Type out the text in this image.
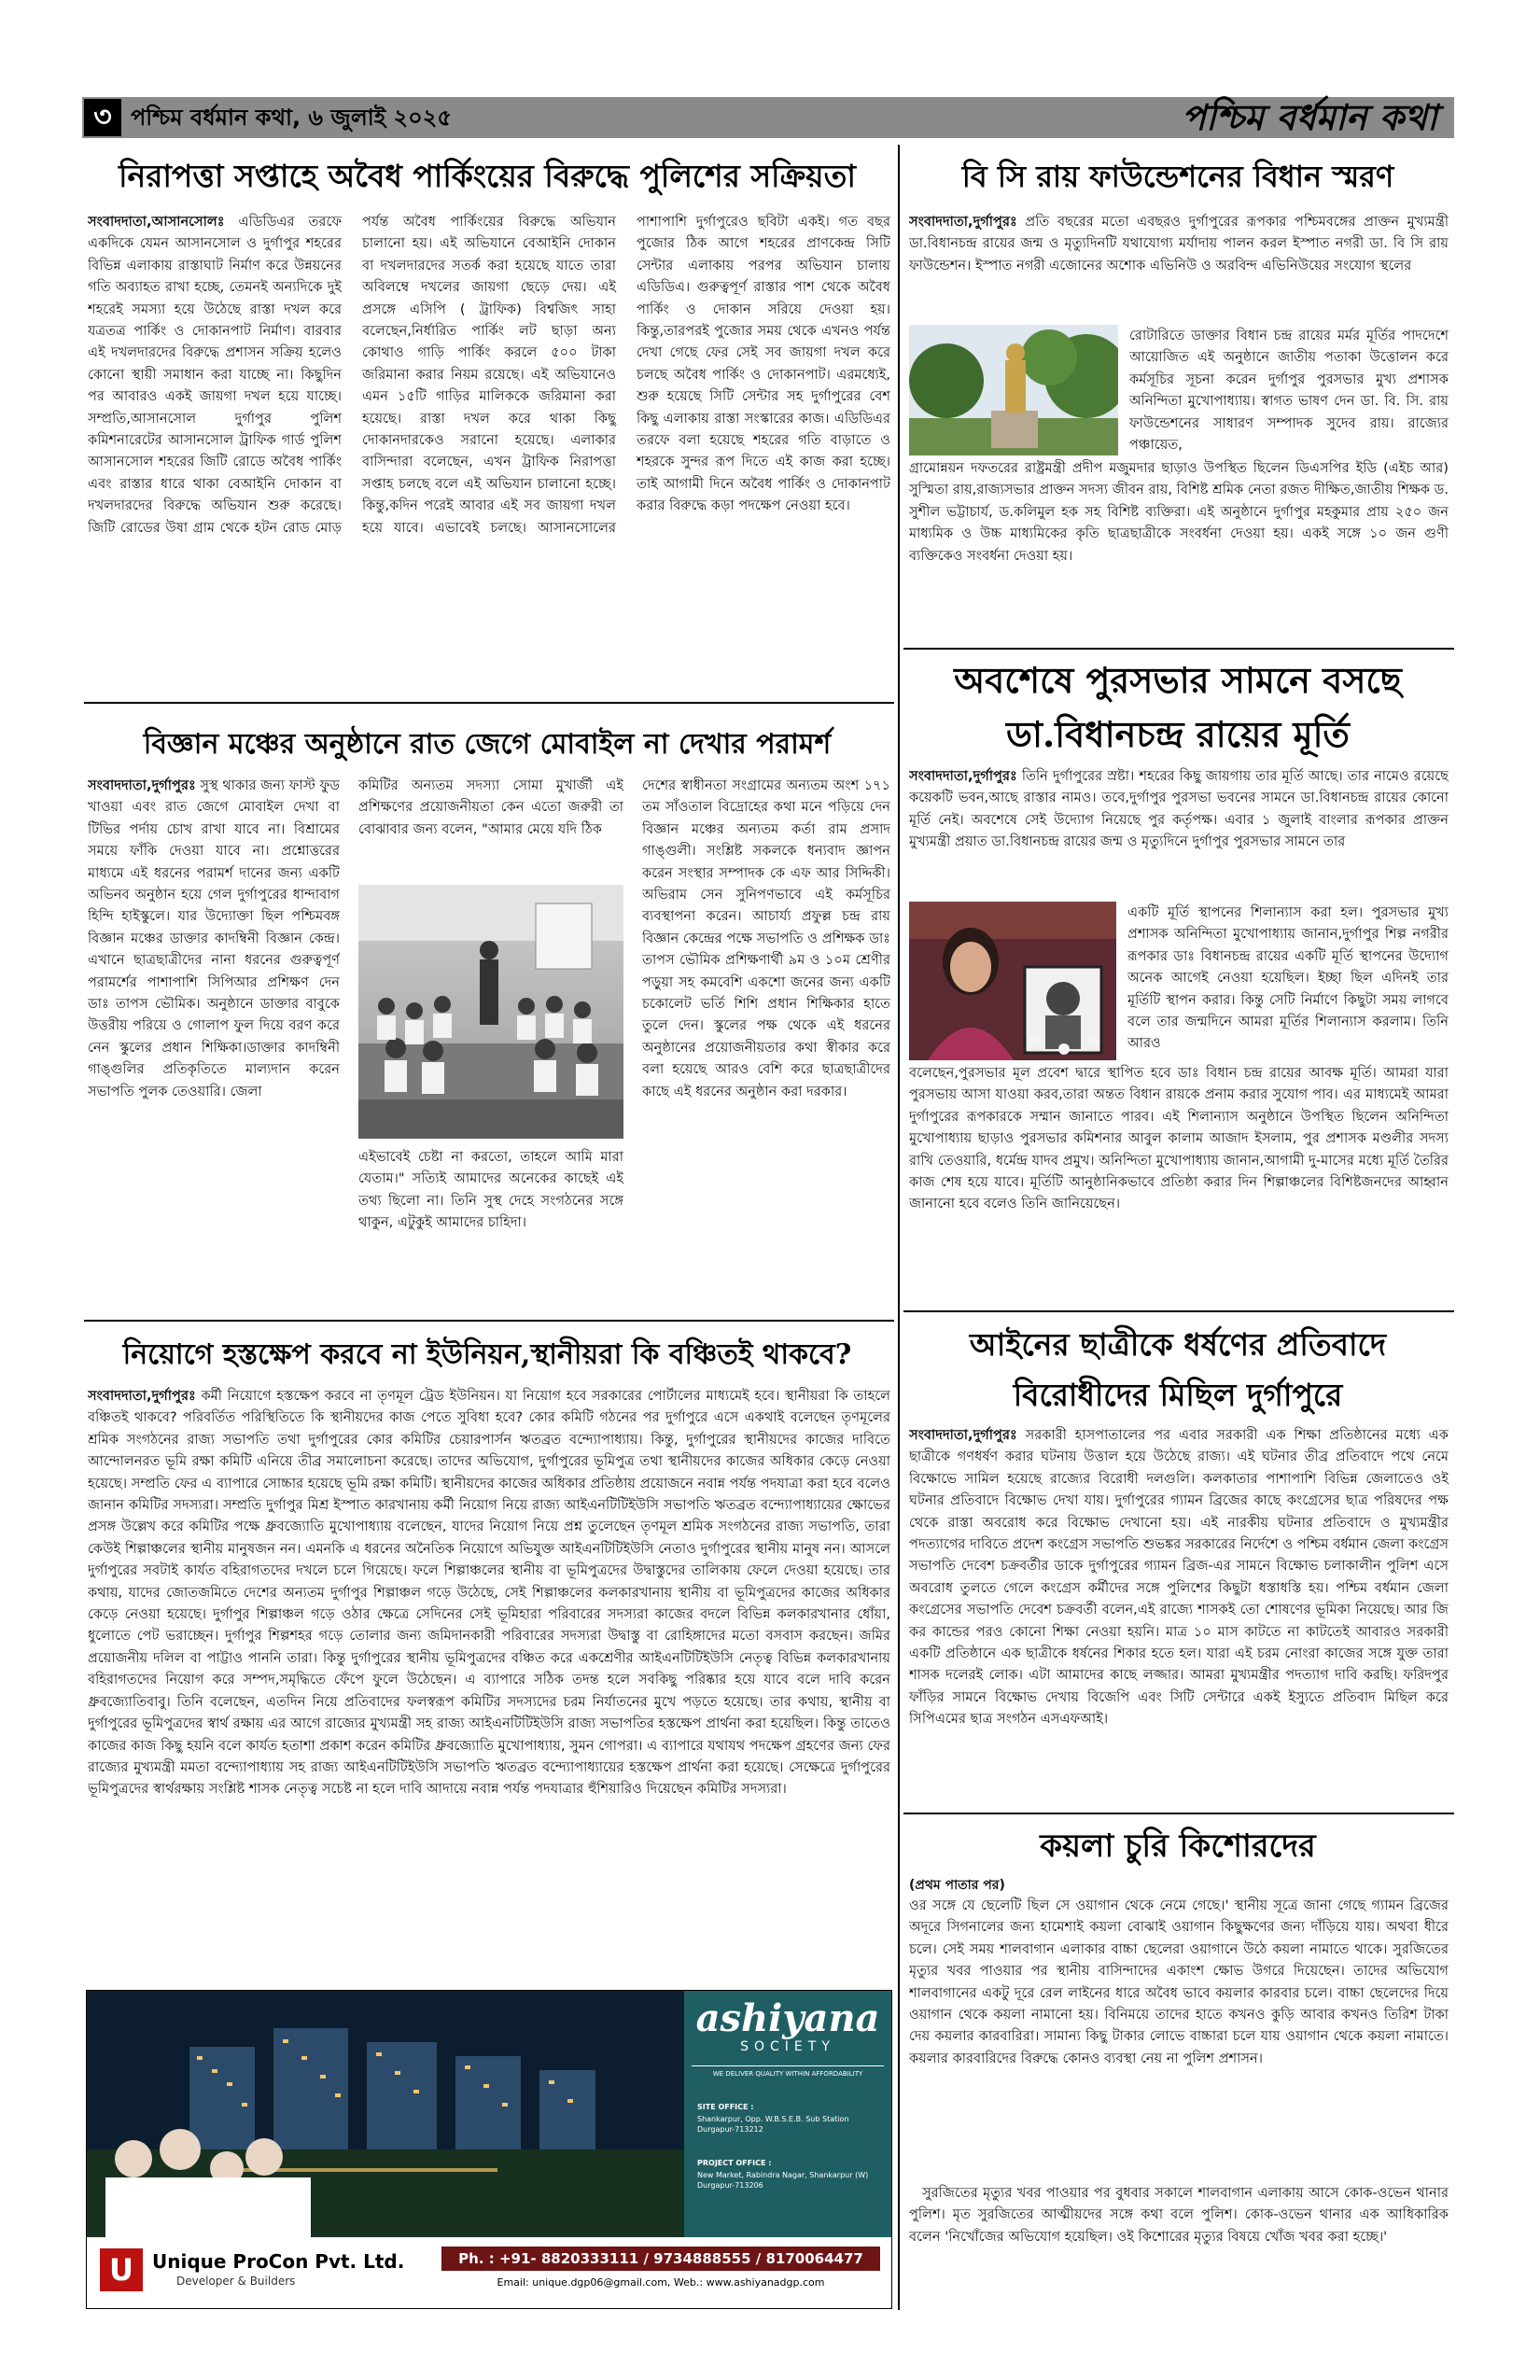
৩ পশ্চিম বর্ধমান কথা, ৬ জুলাই ২০২৫	পশ্চিম বর্ধমান কথা
নিরাপত্তা সপ্তাহে অবৈধ পার্কিংয়ের বিরুদ্ধে পুলিশের সক্রিয়তা

সংবাদদাতা,আসানসোলঃ এডিডিএর তরফে একদিকে যেমন আসানসোল ও দুর্গাপুর শহরের বিভিন্ন এলাকায় রাস্তাঘাট নির্মাণ করে উন্নয়নের গতি অব্যাহত রাখা হচ্ছে, তেমনই অন্যদিকে দুই শহরেই সমস্যা হয়ে উঠেছে রাস্তা দখল করে যত্রতত্র পার্কিং ও দোকানপাট নির্মাণ। বারবার এই দখলদারদের বিরুদ্ধে প্রশাসন সক্রিয় হলেও কোনো স্থায়ী সমাধান করা যাচ্ছে না। কিছুদিন পর আবারও একই জায়গা দখল হয়ে যাচ্ছে। সম্প্রতি,আসানসোল দুর্গাপুর পুলিশ কমিশনারেটের আসানসোল ট্রাফিক গার্ড পুলিশ আসানসোল শহরের জিটি রোডে অবৈধ পার্কিং এবং রাস্তার ধারে থাকা বেআইনি দোকান বা দখলদারদের বিরুদ্ধে অভিযান শুরু করেছে। জিটি রোডের উষা গ্রাম থেকে হটন রোড মোড় পর্যন্ত অবৈধ পার্কিংয়ের বিরুদ্ধে অভিযান চালানো হয়। এই অভিযানে বেআইনি দোকান বা দখলদারদের সতর্ক করা হয়েছে যাতে তারা অবিলম্বে দখলের জায়গা ছেড়ে দেয়। এই প্রসঙ্গে এসিপি ( ট্রাফিক) বিশ্বজিৎ সাহা বলেছেন,নির্ধারিত পার্কিং লট ছাড়া অন্য কোথাও গাড়ি পার্কিং করলে ৫০০ টাকা জরিমানা করার নিয়ম রয়েছে। এই অভিযানেও এমন ১৫টি গাড়ির মালিককে জরিমানা করা হয়েছে। রাস্তা দখল করে থাকা কিছু দোকানদারকেও সরানো হয়েছে। এলাকার বাসিন্দারা বলেছেন, এখন ট্রাফিক নিরাপত্তা সপ্তাহ চলছে বলে এই অভিযান চালানো হচ্ছে। কিন্তু,কদিন পরেই আবার এই সব জায়গা দখল হয়ে যাবে। এভাবেই চলছে। আসানসোলের পাশাপাশি দুর্গাপুরেও ছবিটা একই। গত বছর পুজোর ঠিক আগে শহরের প্রাণকেন্দ্র সিটি সেন্টার এলাকায় পরপর অভিযান চালায় এডিডিএ। গুরুত্বপূর্ণ রাস্তার পাশ থেকে অবৈধ পার্কিং ও দোকান সরিয়ে দেওয়া হয়। কিন্তু,তারপরই পুজোর সময় থেকে এখনও পর্যন্ত দেখা গেছে ফের সেই সব জায়গা দখল করে চলছে অবৈধ পার্কিং ও দোকানপাট। এরমধ্যেই, শুরু হয়েছে সিটি সেন্টার সহ দুর্গাপুরের বেশ কিছু এলাকায় রাস্তা সংস্কারের কাজ। এডিডিএর তরফে বলা হয়েছে শহরের গতি বাড়াতে ও শহরকে সুন্দর রূপ দিতে এই কাজ করা হচ্ছে। তাই আগামী দিনে অবৈধ পার্কিং ও দোকানপাট করার বিরুদ্ধে কড়া পদক্ষেপ নেওয়া হবে।

বিজ্ঞান মঞ্চের অনুষ্ঠানে রাত জেগে মোবাইল না দেখার পরামর্শ

সংবাদদাতা,দুর্গাপুরঃ সুস্থ থাকার জন্য ফাস্ট ফুড খাওয়া এবং রাত জেগে মোবাইল দেখা বা টিভির পর্দায় চোখ রাখা যাবে না। বিশ্রামের সময়ে ফাঁকি দেওয়া যাবে না। প্রশ্নোত্তরের মাধ্যমে এই ধরনের পরামর্শ দানের জন্য একটি অভিনব অনুষ্ঠান হয়ে গেল দুর্গাপুরের ধান্দাবাগ হিন্দি হাইস্কুলে। যার উদ্যোক্তা ছিল পশ্চিমবঙ্গ বিজ্ঞান মঞ্চের ডাক্তার কাদম্বিনী বিজ্ঞান কেন্দ্র। এখানে ছাত্রছাত্রীদের নানা ধরনের গুরুত্বপূর্ণ পরামর্শের পাশাপাশি সিপিআর প্রশিক্ষণ দেন ডাঃ তাপস ভৌমিক। অনুষ্ঠানে ডাক্তার বাবুকে উত্তরীয় পরিয়ে ও গোলাপ ফুল দিয়ে বরণ করে নেন স্কুলের প্রধান শিক্ষিকা।ডাক্তার কাদম্বিনী গাঙ্গুলির প্রতিকৃতিতে মাল্যদান করেন সভাপতি পুলক তেওয়ারি। জেলা

কমিটির অন্যতম সদস্যা সোমা মুখার্জী এই প্রশিক্ষণের প্রয়োজনীয়তা কেন এতো জরুরী তা বোঝাবার জন্য বলেন, "আমার মেয়ে যদি ঠিক
এইভাবেই চেষ্টা না করতো, তাহলে আমি মারা যেতাম।" সত্যিই আমাদের অনেকের কাছেই এই তথ্য ছিলো না। তিনি সুস্থ দেহে সংগঠনের সঙ্গে থাকুন, এটুকুই আমাদের চাহিদা।
দেশের স্বাধীনতা সংগ্রামের অন্যতম অংশ ১৭১ তম সাঁওতাল বিদ্রোহের কথা মনে পড়িয়ে দেন বিজ্ঞান মঞ্চের অন্যতম কর্তা রাম প্রসাদ গাঙ্গুলী। সংশ্লিষ্ট সকলকে ধন্যবাদ জ্ঞাপন করেন সংস্থার সম্পাদক কে এফ আর সিদ্দিকী। অভিরাম সেন সুনিপণভাবে এই কর্মসূচির ব্যবস্থাপনা করেন। আচার্য্য প্রফুল্ল চন্দ্র রায় বিজ্ঞান কেন্দ্রের পক্ষে সভাপতি ও প্রশিক্ষক ডাঃ তাপস ভৌমিক প্রশিক্ষণার্থী ৯ম ও ১০ম শ্রেণীর পড়ুয়া সহ কমবেশি একশো জনের জন্য একটি চকোলেট ভর্তি শিশি প্রধান শিক্ষিকার হাতে তুলে দেন। স্কুলের পক্ষ থেকে এই ধরনের অনুষ্ঠানের প্রয়োজনীয়তার কথা স্বীকার করে বলা হয়েছে আরও বেশি করে ছাত্রছাত্রীদের কাছে এই ধরনের অনুষ্ঠান করা দরকার।
নিয়োগে হস্তক্ষেপ করবে না ইউনিয়ন,স্থানীয়রা কি বঞ্চিতই থাকবে?

সংবাদদাতা,দুর্গাপুরঃ কর্মী নিয়োগে হস্তক্ষেপ করবে না তৃণমূল ট্রেড ইউনিয়ন। যা নিয়োগ হবে সরকারের পোর্টালের মাধ্যমেই হবে। স্থানীয়রা কি তাহলে বঞ্চিতই থাকবে? পরিবর্তিত পরিস্থিতিতে কি স্থানীয়দের কাজ পেতে সুবিধা হবে? কোর কমিটি গঠনের পর দুর্গাপুরে এসে একথাই বলেছেন তৃণমূলের শ্রমিক সংগঠনের রাজ্য সভাপতি তথা দুর্গাপুরের কোর কমিটির চেয়ারপার্সন ঋতব্রত বন্দ্যোপাধ্যায়। কিন্তু, দুর্গাপুরের স্থানীয়দের কাজের দাবিতে আন্দোলনরত ভূমি রক্ষা কমিটি এনিয়ে তীব্র সমালোচনা করেছে। তাদের অভিযোগ, দুর্গাপুরের ভূমিপুত্র তথা স্থানীয়দের কাজের অধিকার কেড়ে নেওয়া হয়েছে। সম্প্রতি ফের এ ব্যাপারে সোচ্চার হয়েছে ভূমি রক্ষা কমিটি। স্থানীয়দের কাজের অধিকার প্রতিষ্ঠায় প্রয়োজনে নবান্ন পর্যন্ত পদযাত্রা করা হবে বলেও জানান কমিটির সদস্যরা। সম্প্রতি দুর্গাপুর মিশ্র ইস্পাত কারখানায় কর্মী নিয়োগ নিয়ে রাজ্য আইএনটিটিইউসি সভাপতি ঋতব্রত বন্দ্যোপাধ্যায়ের ক্ষোভের প্রসঙ্গ উল্লেখ করে কমিটির পক্ষে ধ্রুবজ্যোতি মুখোপাধ্যায় বলেছেন, যাদের নিয়োগ নিয়ে প্রশ্ন তুলেছেন তৃণমূল শ্রমিক সংগঠনের রাজ্য সভাপতি, তারা কেউই শিল্পাঞ্চলের স্থানীয় মানুষজন নন। এমনকি এ ধরনের অনৈতিক নিয়োগে অভিযুক্ত আইএনটিটিইউসি নেতাও দুর্গাপুরের স্থানীয় মানুষ নন। আসলে দুর্গাপুরের সবটাই কার্যত বহিরাগতদের দখলে চলে গিয়েছে। ফলে শিল্পাঞ্চলের স্থানীয় বা ভূমিপুত্রদের উদ্বাস্তুদের তালিকায় ফেলে দেওয়া হয়েছে। তার কথায়, যাদের জোতজমিতে দেশের অন্যতম দুর্গাপুর শিল্পাঞ্চল গড়ে উঠেছে, সেই শিল্পাঞ্চলের কলকারখানায় স্থানীয় বা ভূমিপুত্রদের কাজের অধিকার কেড়ে নেওয়া হয়েছে। দুর্গাপুর শিল্পাঞ্চল গড়ে ওঠার ক্ষেত্রে সেদিনের সেই ভূমিহারা পরিবারের সদস্যরা কাজের বদলে বিভিন্ন কলকারখানার ধোঁয়া, ধুলোতে পেট ভরাচ্ছেন। দুর্গাপুর শিল্পশহর গড়ে তোলার জন্য জমিদানকারী পরিবারের সদস্যরা উদ্বাস্তু বা রোহিঙ্গাদের মতো বসবাস করছেন। জমির প্রয়োজনীয় দলিল বা পাট্টাও পাননি তারা। কিন্তু দুর্গাপুরের স্থানীয় ভূমিপুত্রদের বঞ্চিত করে একশ্রেণীর আইএনটিটিইউসি নেতৃত্ব বিভিন্ন কলকারখানায় বহিরাগতদের নিয়োগ করে সম্পদ,সমৃদ্ধিতে ফেঁপে ফুলে উঠেছেন। এ ব্যাপারে সঠিক তদন্ত হলে সবকিছু পরিষ্কার হয়ে যাবে বলে দাবি করেন ধ্রুবজ্যোতিবাবু। তিনি বলেছেন, এতদিন নিয়ে প্রতিবাদের ফলস্বরূপ কমিটির সদস্যদের চরম নির্যাতনের মুখে পড়তে হয়েছে। তার কথায়, স্থানীয় বা দুর্গাপুরের ভূমিপুত্রদের স্বার্থ রক্ষায় এর আগে রাজ্যের মুখ্যমন্ত্রী সহ রাজ্য আইএনটিটিইউসি রাজ্য সভাপতির হস্তক্ষেপ প্রার্থনা করা হয়েছিল। কিন্তু তাতেও কাজের কাজ কিছু হয়নি বলে কার্যত হতাশা প্রকাশ করেন কমিটির ধ্রুবজ্যোতি মুখোপাধ্যায়, সুমন গোপরা। এ ব্যাপারে যথাযথ পদক্ষেপ গ্রহণের জন্য ফের রাজ্যের মুখ্যমন্ত্রী মমতা বন্দ্যোপাধ্যায় সহ রাজ্য আইএনটিটিইউসি সভাপতি ঋতব্রত বন্দ্যোপাধ্যায়ের হস্তক্ষেপ প্রার্থনা করা হয়েছে। সেক্ষেত্রে দুর্গাপুরের ভূমিপুত্রদের স্বার্থরক্ষায় সংশ্লিষ্ট শাসক নেতৃত্ব সচেষ্ট না হলে দাবি আদায়ে নবান্ন পর্যন্ত পদযাত্রার হুঁশিয়ারিও দিয়েছেন কমিটির সদস্যরা।

ashiyana
SOCIETY
WE DELIVER QUALITY WITHIN AFFORDABILITY
SITE OFFICE :
Shankarpur, Opp. W.B.S.E.B. Sub Station Durgapur-713212
PROJECT OFFICE :
New Market, Rabindra Nagar, Shankarpur (W) Durgapur-713206
U	Unique ProCon Pvt. Ltd.
Developer & Builders
Ph. : +91- 8820333111 / 9734888555 / 8170064477
Email: unique.dgp06@gmail.com, Web.: www.ashiyanadgp.com
বি সি রায় ফাউন্ডেশনের বিধান স্মরণ

সংবাদদাতা,দুর্গাপুরঃ প্রতি বছরের মতো এবছরও দুর্গাপুরের রূপকার পশ্চিমবঙ্গের প্রাক্তন মুখ্যমন্ত্রী ডা.বিধানচন্দ্র রায়ের জন্ম ও মৃত্যুদিনটি যথাযোগ্য মর্যাদায় পালন করল ইস্পাত নগরী ডা. বি সি রায় ফাউন্ডেশন। ইস্পাত নগরী এজোনের অশোক এভিনিউ ও অরবিন্দ এভিনিউয়ের সংযোগ স্থলের

রোটারিতে ডাক্তার বিধান চন্দ্র রায়ের মর্মর মূর্তির পাদদেশে আয়োজিত এই অনুষ্ঠানে জাতীয় পতাকা উত্তোলন করে কর্মসূচির সূচনা করেন দুর্গাপুর পুরসভার মুখ্য প্রশাসক অনিন্দিতা মুখোপাধ্যায়। স্বাগত ভাষণ দেন ডা. বি. সি. রায় ফাউন্ডেশনের সাধারণ সম্পাদক সুদেব রায়। রাজ্যের পঞ্চায়েত,
গ্রামোন্নয়ন দফতরের রাষ্ট্রমন্ত্রী প্রদীপ মজুমদার ছাড়াও উপস্থিত ছিলেন ডিএসপির ইডি (এইচ আর) সুস্মিতা রায়,রাজ্যসভার প্রাক্তন সদস্য জীবন রায়, বিশিষ্ট শ্রমিক নেতা রজত দীক্ষিত,জাতীয় শিক্ষক ড. সুশীল ভট্টাচার্য, ড.কলিমুল হক সহ বিশিষ্ট ব্যক্তিরা। এই অনুষ্ঠানে দুর্গাপুর মহকুমার প্রায় ২৫০ জন মাধ্যমিক ও উচ্চ মাধ্যমিকের কৃতি ছাত্রছাত্রীকে সংবর্ধনা দেওয়া হয়। একই সঙ্গে ১০ জন গুণী ব্যক্তিকেও সংবর্ধনা দেওয়া হয়।
অবশেষে পুরসভার সামনে বসছে
ডা.বিধানচন্দ্র রায়ের মূর্তি

সংবাদদাতা,দুর্গাপুরঃ তিনি দুর্গাপুরের স্রষ্টা। শহরের কিছু জায়গায় তার মূর্তি আছে। তার নামেও রয়েছে কয়েকটি ভবন,আছে রাস্তার নামও। তবে,দুর্গাপুর পুরসভা ভবনের সামনে ডা.বিধানচন্দ্র রায়ের কোনো মূর্তি নেই। অবশেষে সেই উদ্যোগ নিয়েছে পুর কর্তৃপক্ষ। এবার ১ জুলাই বাংলার রূপকার প্রাক্তন মুখ্যমন্ত্রী প্রয়াত ডা.বিধানচন্দ্র রায়ের জন্ম ও মৃত্যুদিনে দুর্গাপুর পুরসভার সামনে তার

একটি মূর্তি স্থাপনের শিলান্যাস করা হল। পুরসভার মুখ্য প্রশাসক অনিন্দিতা মুখোপাধ্যায় জানান,দুর্গাপুর শিল্প নগরীর রূপকার ডাঃ বিধানচন্দ্র রায়ের একটি মূর্তি স্থাপনের উদ্যোগ অনেক আগেই নেওয়া হয়েছিল। ইচ্ছা ছিল এদিনই তার মূর্তিটি স্থাপন করার। কিন্তু সেটি নির্মাণে কিছুটা সময় লাগবে বলে তার জন্মদিনে আমরা মূর্তির শিলান্যাস করলাম। তিনি আরও
বলেছেন,পুরসভার মূল প্রবেশ দ্বারে স্থাপিত হবে ডাঃ বিধান চন্দ্র রায়ের আবক্ষ মূর্তি। আমরা যারা পুরসভায় আসা যাওয়া করব,তারা অন্তত বিধান রায়কে প্রনাম করার সুযোগ পাব। এর মাধ্যমেই আমরা দুর্গাপুরের রূপকারকে সম্মান জানাতে পারব। এই শিলান্যাস অনুষ্ঠানে উপস্থিত ছিলেন অনিন্দিতা মুখোপাধ্যায় ছাড়াও পুরসভার কমিশনার আবুল কালাম আজাদ ইসলাম, পুর প্রশাসক মণ্ডলীর সদস্য রাখি তেওয়ারি, ধর্মেন্দ্র যাদব প্রমুখ। অনিন্দিতা মুখোপাধ্যায় জানান,আগামী দু-মাসের মধ্যে মূর্তি তৈরির কাজ শেষ হয়ে যাবে। মূর্তিটি আনুষ্ঠানিকভাবে প্রতিষ্ঠা করার দিন শিল্পাঞ্চলের বিশিষ্টজনদের আহ্বান জানানো হবে বলেও তিনি জানিয়েছেন।
আইনের ছাত্রীকে ধর্ষণের প্রতিবাদে
বিরোধীদের মিছিল দুর্গাপুরে

সংবাদদাতা,দুর্গাপুরঃ সরকারী হাসপাতালের পর এবার সরকারী এক শিক্ষা প্রতিষ্ঠানের মধ্যে এক ছাত্রীকে গণধর্ষণ করার ঘটনায় উত্তাল হয়ে উঠেছে রাজ্য। এই ঘটনার তীব্র প্রতিবাদে পথে নেমে বিক্ষোভে সামিল হয়েছে রাজ্যের বিরোধী দলগুলি। কলকাতার পাশাপাশি বিভিন্ন জেলাতেও ওই ঘটনার প্রতিবাদে বিক্ষোভ দেখা যায়। দুর্গাপুরের গ্যামন ব্রিজের কাছে কংগ্রেসের ছাত্র পরিষদের পক্ষ থেকে রাস্তা অবরোধ করে বিক্ষোভ দেখানো হয়। এই নারকীয় ঘটনার প্রতিবাদে ও মুখ্যমন্ত্রীর পদত্যাগের দাবিতে প্রদেশ কংগ্রেস সভাপতি শুভঙ্কর সরকারের নির্দেশে ও পশ্চিম বর্ধমান জেলা কংগ্রেস সভাপতি দেবেশ চক্রবর্তীর ডাকে দুর্গাপুরের গ্যামন ব্রিজ-এর সামনে বিক্ষোভ চলাকালীন পুলিশ এসে অবরোধ তুলতে গেলে কংগ্রেস কর্মীদের সঙ্গে পুলিশের কিছুটা ধস্তাধস্তি হয়। পশ্চিম বর্ধমান জেলা কংগ্রেসের সভাপতি দেবেশ চক্রবর্তী বলেন,এই রাজ্যে শাসকই তো শোষণের ভূমিকা নিয়েছে। আর জি কর কান্ডের পরও কোনো শিক্ষা নেওয়া হয়নি। মাত্র ১০ মাস কাটতে না কাটতেই আবারও সরকারী একটি প্রতিষ্ঠানে এক ছাত্রীকে ধর্ষনের শিকার হতে হল। যারা এই চরম নোংরা কাজের সঙ্গে যুক্ত তারা শাসক দলেরই লোক। এটা আমাদের কাছে লজ্জার। আমরা মুখ্যমন্ত্রীর পদত্যাগ দাবি করছি। ফরিদপুর ফাঁড়ির সামনে বিক্ষোভ দেখায় বিজেপি এবং সিটি সেন্টারে একই ইস্যুতে প্রতিবাদ মিছিল করে সিপিএমের ছাত্র সংগঠন এসএফআই।

কয়লা চুরি কিশোরদের
(প্রথম পাতার পর)
ওর সঙ্গে যে ছেলেটি ছিল সে ওয়াগান থেকে নেমে গেছে।' স্থানীয় সূত্রে জানা গেছে গ্যামন ব্রিজের অদূরে সিগনালের জন্য হামেশাই কয়লা বোঝাই ওয়াগান কিছুক্ষণের জন্য দাঁড়িয়ে যায়। অথবা ধীরে চলে। সেই সময় শালবাগান এলাকার বাচ্চা ছেলেরা ওয়াগানে উঠে কয়লা নামাতে থাকে। সুরজিতের মৃত্যুর খবর পাওয়ার পর স্থানীয় বাসিন্দাদের একাংশ ক্ষোভ উগরে দিয়েছেন। তাদের অভিযোগ শালবাগানের একটু দূরে রেল লাইনের ধারে অবৈধ ভাবে কয়লার কারবার চলে। বাচ্চা ছেলেদের দিয়ে ওয়াগান থেকে কয়লা নামানো হয়। বিনিময়ে তাদের হাতে কখনও কুড়ি আবার কখনও তিরিশ টাকা দেয় কয়লার কারবারিরা। সামান্য কিছু টাকার লোভে বাচ্চারা চলে যায় ওয়াগান থেকে কয়লা নামাতে। কয়লার কারবারিদের বিরুদ্ধে কোনও ব্যবস্থা নেয় না পুলিশ প্রশাসন।
সুরজিতের মৃত্যুর খবর পাওয়ার পর বুধবার সকালে শালবাগান এলাকায় আসে কোক-ওভেন থানার পুলিশ। মৃত সুরজিতের আত্মীয়দের সঙ্গে কথা বলে পুলিশ। কোক-ওভেন থানার এক আধিকারিক বলেন 'নিখোঁজের অভিযোগ হয়েছিল। ওই কিশোরের মৃত্যুর বিষয়ে খোঁজ খবর করা হচ্ছে।'
